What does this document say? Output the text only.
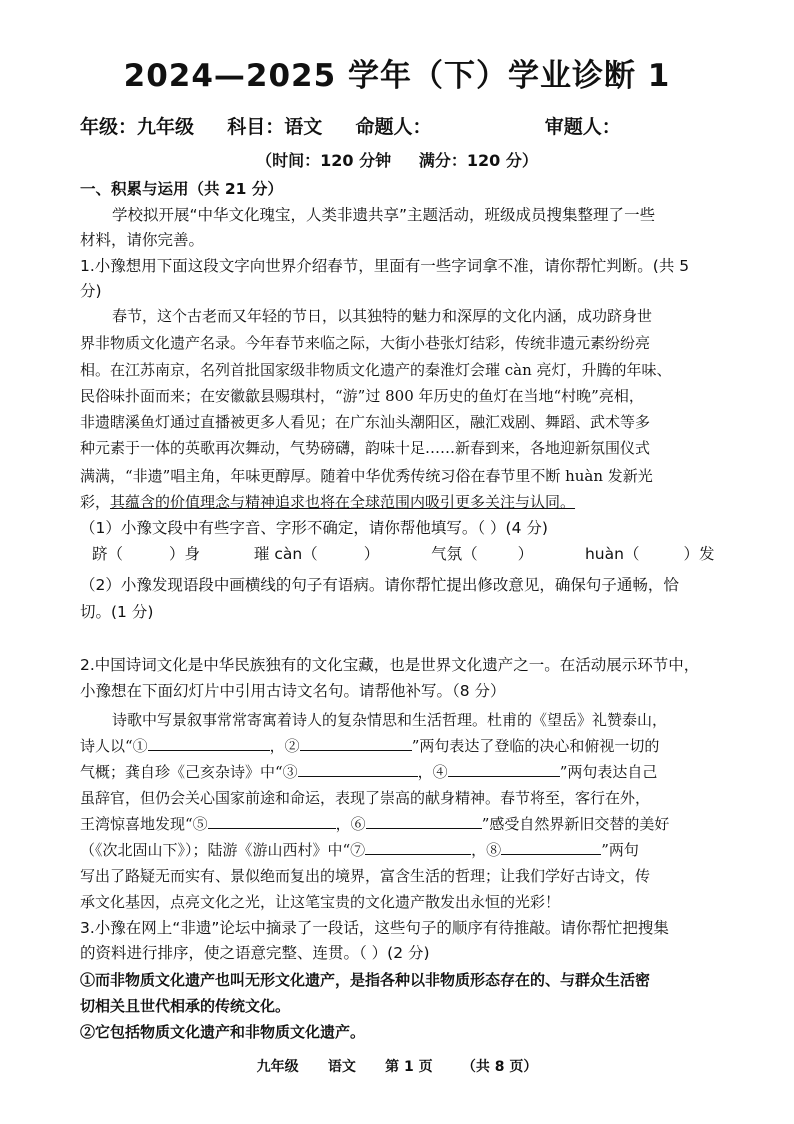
2024—2025 学年（下）学业诊断 1
年级：九年级 科目：语文 命题人：	审题人：
（时间：120 分钟     满分：120 分）
一、积累与运用（共 21 分）
学校拟开展“中华文化瑰宝，人类非遗共享”主题活动，班级成员搜集整理了一些
材料，请你完善。
1.小豫想用下面这段文字向世界介绍春节，里面有一些字词拿不准，请你帮忙判断。(共 5
分)
春节，这个古老而又年轻的节日，以其独特的魅力和深厚的文化内涵，成功跻身世
界非物质文化遗产名录。今年春节来临之际，大街小巷张灯结彩，传统非遗元素纷纷亮
相。在江苏南京，名列首批国家级非物质文化遗产的秦淮灯会璀 càn 亮灯，升腾的年味、
民俗味扑面而来；在安徽歙县赐琪村，“游”过 800 年历史的鱼灯在当地“村晚”亮相，
非遗瞎溪鱼灯通过直播被更多人看见；在广东汕头潮阳区，融汇戏剧、舞蹈、武术等多
种元素于一体的英歌再次舞动，气势磅礴，韵味十足……新春到来，各地迎新氛围仪式
满满，“非遗”唱主角，年味更醇厚。随着中华优秀传统习俗在春节里不断 huàn 发新光
彩，其蕴含的价值理念与精神追求也将在全球范围内吸引更多关注与认同。
（1）小豫文段中有些字音、字形不确定，请你帮他填写。（ ）(4 分)
跻（	）身	璀 càn（	）	气氛（	）	huàn（	）发
（2）小豫发现语段中画横线的句子有语病。请你帮忙提出修改意见，确保句子通畅，恰
切。(1 分)
2.中国诗词文化是中华民族独有的文化宝藏，也是世界文化遗产之一。在活动展示环节中，
小豫想在下面幻灯片中引用古诗文名句。请帮他补写。（8 分）
诗歌中写景叙事常常寄寓着诗人的复杂情思和生活哲理。杜甫的《望岳》礼赞泰山，
诗人以“①	，②	”两句表达了登临的决心和俯视一切的
气概；龚自珍《己亥杂诗》中“③	，④	”两句表达自己
虽辞官，但仍会关心国家前途和命运，表现了崇高的献身精神。春节将至，客行在外，
王湾惊喜地发现“⑤	，⑥	”感受自然界新旧交替的美好
（《次北固山下》）；陆游《游山西村》中“⑦	，⑧	”两句
写出了路疑无而实有、景似绝而复出的境界，富含生活的哲理；让我们学好古诗文，传
承文化基因，点亮文化之光，让这笔宝贵的文化遗产散发出永恒的光彩！
3.小豫在网上“非遗”论坛中摘录了一段话，这些句子的顺序有待推敲。请你帮忙把搜集
的资料进行排序，使之语意完整、连贯。（ ）(2 分)
①而非物质文化遗产也叫无形文化遗产，是指各种以非物质形态存在的、与群众生活密
切相关且世代相承的传统文化。
②它包括物质文化遗产和非物质文化遗产。
九年级      语文      第 1 页      （共 8 页）
